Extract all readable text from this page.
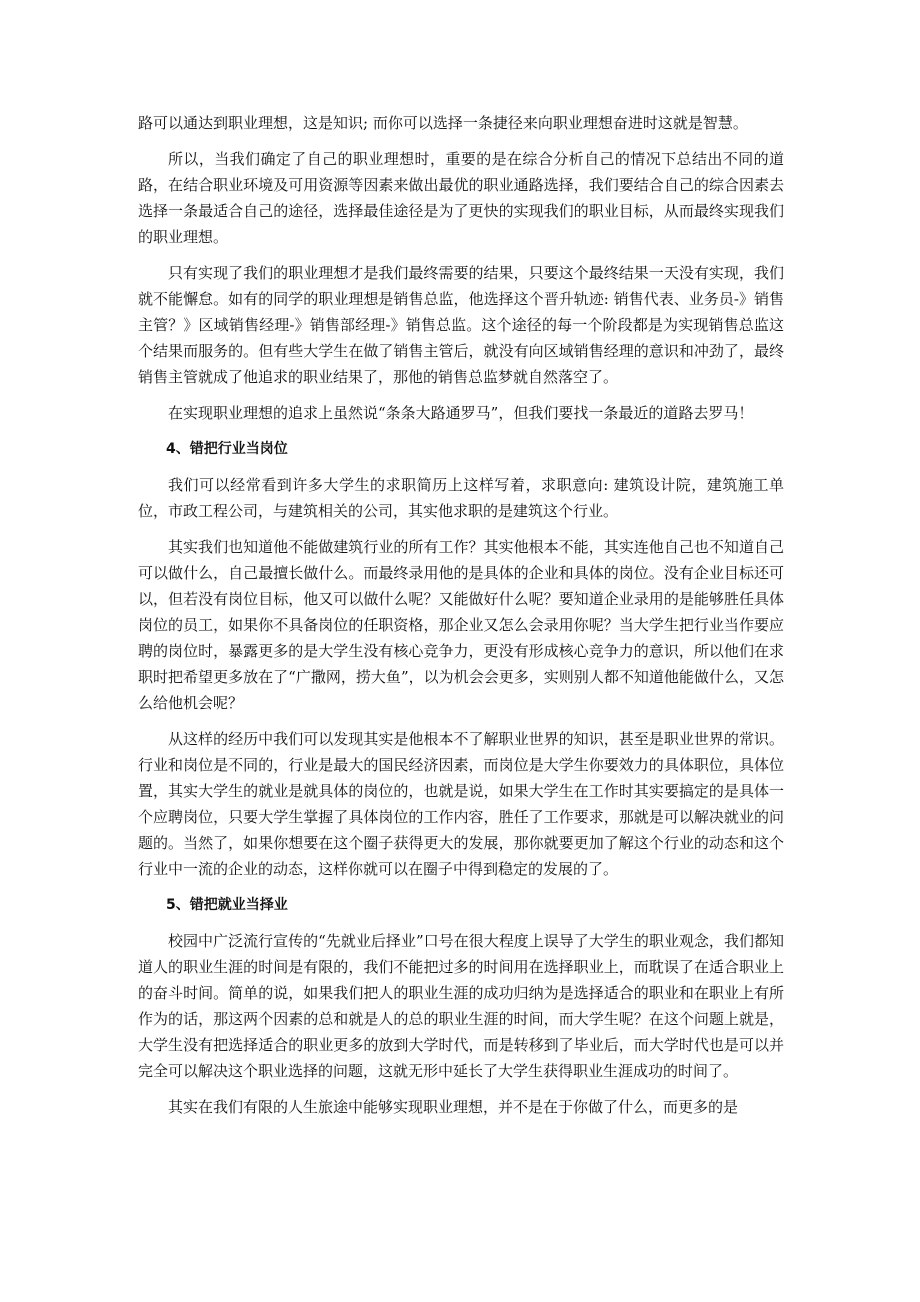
路可以通达到职业理想，这是知识; 而你可以选择一条捷径来向职业理想奋进时这就是智慧。

所以，当我们确定了自己的职业理想时，重要的是在综合分析自己的情况下总结出不同的道路，在结合职业环境及可用资源等因素来做出最优的职业通路选择，我们要结合自己的综合因素去选择一条最适合自己的途径，选择最佳途径是为了更快的实现我们的职业目标，从而最终实现我们的职业理想。

只有实现了我们的职业理想才是我们最终需要的结果，只要这个最终结果一天没有实现，我们就不能懈怠。如有的同学的职业理想是销售总监，他选择这个晋升轨迹: 销售代表、业务员-》销售主管？》区域销售经理-》销售部经理-》销售总监。这个途径的每一个阶段都是为实现销售总监这个结果而服务的。但有些大学生在做了销售主管后，就没有向区域销售经理的意识和冲劲了，最终销售主管就成了他追求的职业结果了，那他的销售总监梦就自然落空了。

在实现职业理想的追求上虽然说“条条大路通罗马”，但我们要找一条最近的道路去罗马！

4、错把行业当岗位

我们可以经常看到许多大学生的求职简历上这样写着，求职意向: 建筑设计院，建筑施工单位，市政工程公司，与建筑相关的公司，其实他求职的是建筑这个行业。

其实我们也知道他不能做建筑行业的所有工作？其实他根本不能，其实连他自己也不知道自己可以做什么，自己最擅长做什么。而最终录用他的是具体的企业和具体的岗位。没有企业目标还可以，但若没有岗位目标，他又可以做什么呢？又能做好什么呢？要知道企业录用的是能够胜任具体岗位的员工，如果你不具备岗位的任职资格，那企业又怎么会录用你呢？当大学生把行业当作要应聘的岗位时，暴露更多的是大学生没有核心竞争力，更没有形成核心竞争力的意识，所以他们在求职时把希望更多放在了“广撒网，捞大鱼”，以为机会会更多，实则别人都不知道他能做什么，又怎么给他机会呢？

从这样的经历中我们可以发现其实是他根本不了解职业世界的知识，甚至是职业世界的常识。行业和岗位是不同的，行业是最大的国民经济因素，而岗位是大学生你要效力的具体职位，具体位置，其实大学生的就业是就具体的岗位的，也就是说，如果大学生在工作时其实要搞定的是具体一个应聘岗位，只要大学生掌握了具体岗位的工作内容，胜任了工作要求，那就是可以解决就业的问题的。当然了，如果你想要在这个圈子获得更大的发展，那你就要更加了解这个行业的动态和这个行业中一流的企业的动态，这样你就可以在圈子中得到稳定的发展的了。

5、错把就业当择业

校园中广泛流行宣传的“先就业后择业”口号在很大程度上误导了大学生的职业观念，我们都知道人的职业生涯的时间是有限的，我们不能把过多的时间用在选择职业上，而耽误了在适合职业上的奋斗时间。简单的说，如果我们把人的职业生涯的成功归纳为是选择适合的职业和在职业上有所作为的话，那这两个因素的总和就是人的总的职业生涯的时间，而大学生呢？在这个问题上就是，大学生没有把选择适合的职业更多的放到大学时代，而是转移到了毕业后，而大学时代也是可以并完全可以解决这个职业选择的问题，这就无形中延长了大学生获得职业生涯成功的时间了。

其实在我们有限的人生旅途中能够实现职业理想，并不是在于你做了什么，而更多的是
